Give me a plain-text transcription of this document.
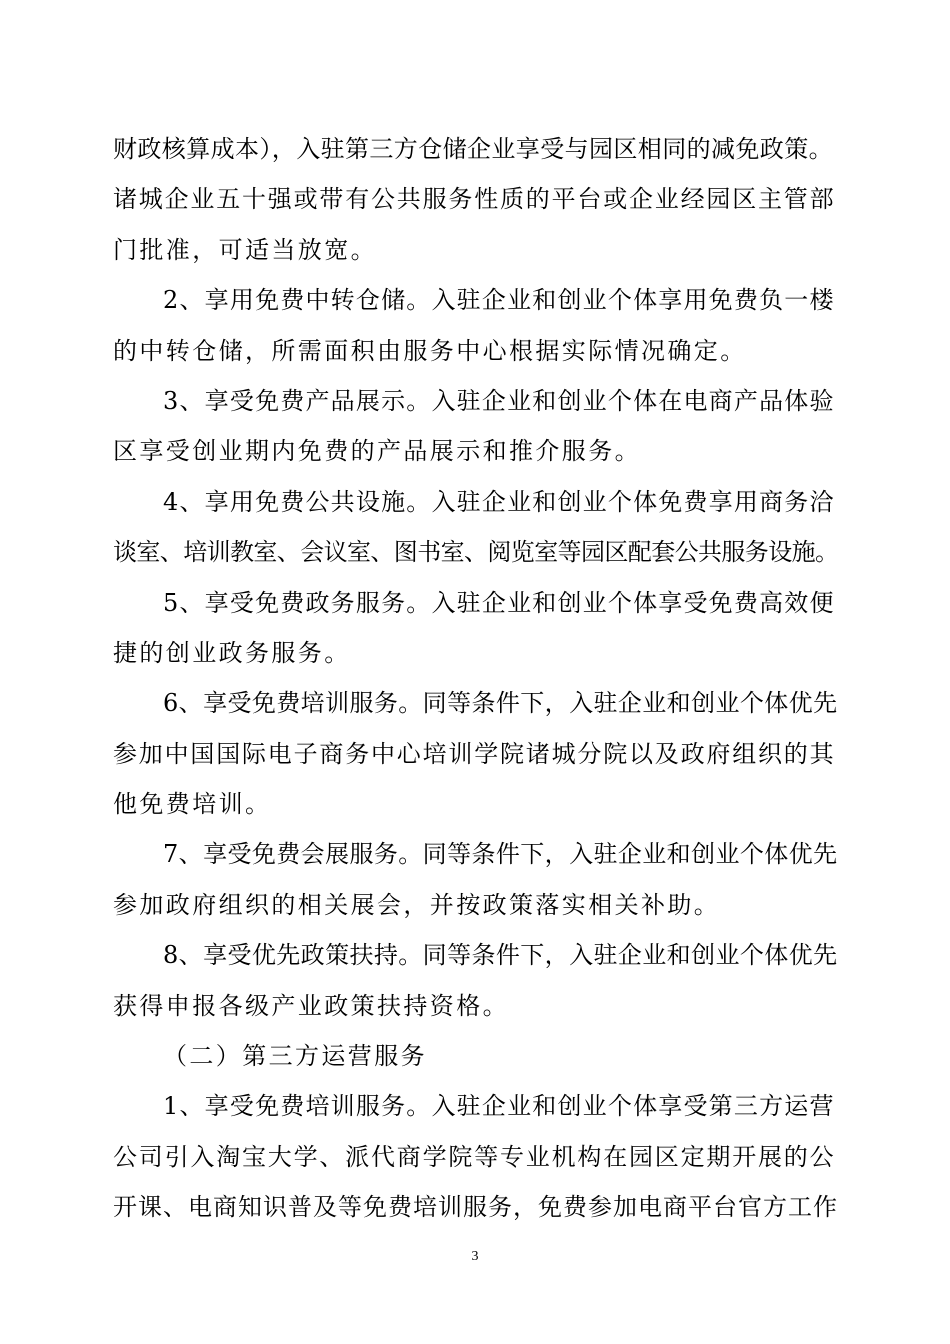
财政核算成本），入驻第三方仓储企业享受与园区相同的减免政策。

诸城企业五十强或带有公共服务性质的平台或企业经园区主管部

门批准，可适当放宽。

2、享用免费中转仓储。入驻企业和创业个体享用免费负一楼

的中转仓储，所需面积由服务中心根据实际情况确定。

3、享受免费产品展示。入驻企业和创业个体在电商产品体验

区享受创业期内免费的产品展示和推介服务。

4、享用免费公共设施。入驻企业和创业个体免费享用商务洽

谈室、培训教室、会议室、图书室、阅览室等园区配套公共服务设施。

5、享受免费政务服务。入驻企业和创业个体享受免费高效便

捷的创业政务服务。

6、享受免费培训服务。同等条件下，入驻企业和创业个体优先

参加中国国际电子商务中心培训学院诸城分院以及政府组织的其

他免费培训。

7、享受免费会展服务。同等条件下，入驻企业和创业个体优先

参加政府组织的相关展会，并按政策落实相关补助。

8、享受优先政策扶持。同等条件下，入驻企业和创业个体优先

获得申报各级产业政策扶持资格。

（二）第三方运营服务

1、享受免费培训服务。入驻企业和创业个体享受第三方运营

公司引入淘宝大学、派代商学院等专业机构在园区定期开展的公

开课、电商知识普及等免费培训服务，免费参加电商平台官方工作

3
